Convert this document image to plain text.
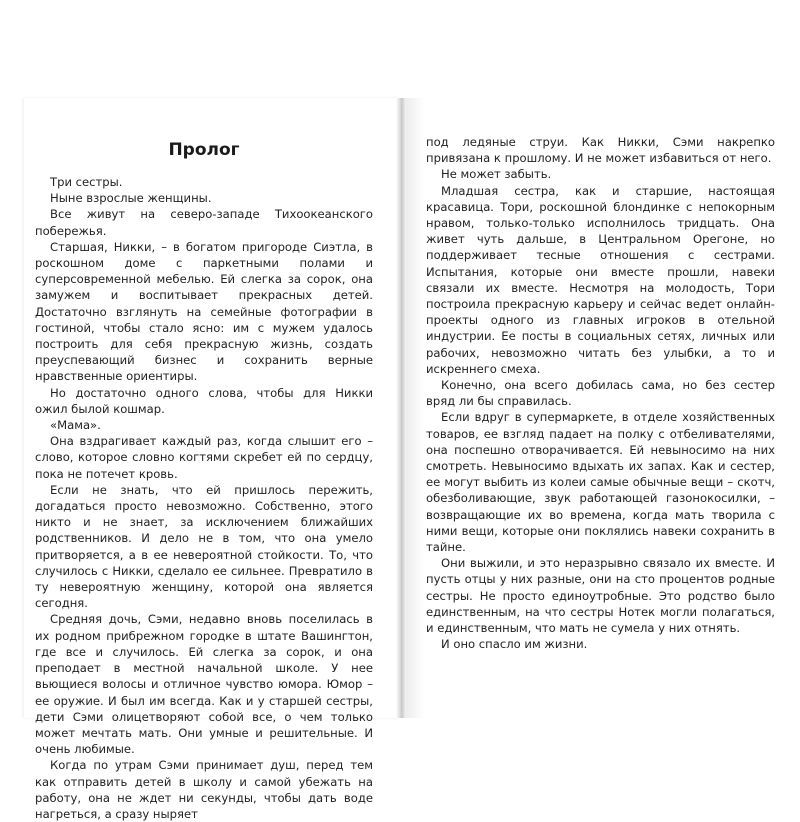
Пролог

Три сестры.

Ныне взрослые женщины.

Все живут на северо-западе Тихоокеанского побережья.

Старшая, Никки, – в богатом пригороде Сиэтла, в роскошном доме с паркетными полами и суперсовременной мебелью. Ей слегка за сорок, она замужем и воспитывает прекрасных детей. Достаточно взглянуть на семейные фотографии в гостиной, чтобы стало ясно: им с мужем удалось построить для себя прекрасную жизнь, создать преуспевающий бизнес и сохранить верные нравственные ориентиры.

Но достаточно одного слова, чтобы для Никки ожил былой кошмар.

«Мама».

Она вздрагивает каждый раз, когда слышит его – слово, которое словно когтями скребет ей по сердцу, пока не потечет кровь.

Если не знать, что ей пришлось пережить, догадаться просто невозможно. Собственно, этого никто и не знает, за исключением ближайших родственников. И дело не в том, что она умело притворяется, а в ее невероятной стойкости. То, что случилось с Никки, сделало ее сильнее. Превратило в ту невероятную женщину, которой она является сегодня.

Средняя дочь, Сэми, недавно вновь поселилась в их родном прибрежном городке в штате Вашингтон, где все и случилось. Ей слегка за сорок, и она преподает в местной начальной школе. У нее вьющиеся волосы и отличное чувство юмора. Юмор – ее оружие. И был им всегда. Как и у старшей сестры, дети Сэми олицетворяют собой все, о чем только может мечтать мать. Они умные и решительные. И очень любимые.

Когда по утрам Сэми принимает душ, перед тем как отправить детей в школу и самой убежать на работу, она не ждет ни секунды, чтобы дать воде нагреться, а сразу ныряет

под ледяные струи. Как Никки, Сэми накрепко привязана к прошлому. И не может избавиться от него.

Не может забыть.

Младшая сестра, как и старшие, настоящая красавица. Тори, роскошной блондинке с непокорным нравом, только-только исполнилось тридцать. Она живет чуть дальше, в Центральном Орегоне, но поддерживает тесные отношения с сестрами. Испытания, которые они вместе прошли, навеки связали их вместе. Несмотря на молодость, Тори построила прекрасную карьеру и сейчас ведет онлайн-проекты одного из главных игроков в отельной индустрии. Ее посты в социальных сетях, личных или рабочих, невозможно читать без улыбки, а то и искреннего смеха.

Конечно, она всего добилась сама, но без сестер вряд ли бы справилась.

Если вдруг в супермаркете, в отделе хозяйственных товаров, ее взгляд падает на полку с отбеливателями, она поспешно отворачивается. Ей невыносимо на них смотреть. Невыносимо вдыхать их запах. Как и сестер, ее могут выбить из колеи самые обычные вещи – скотч, обезболивающие, звук работающей газонокосилки, – возвращающие их во времена, когда мать творила с ними вещи, которые они поклялись навеки сохранить в тайне.

Они выжили, и это неразрывно связало их вместе. И пусть отцы у них разные, они на сто процентов родные сестры. Не просто единоутробные. Это родство было единственным, на что сестры Нотек могли полагаться, и единственным, что мать не сумела у них отнять.

И оно спасло им жизни.
